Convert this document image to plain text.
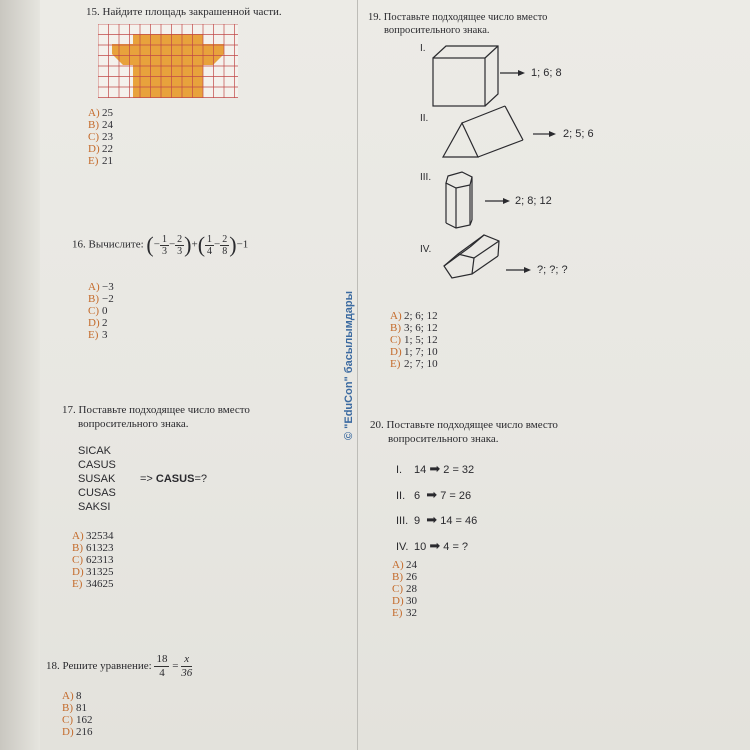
15. Найдите площадь закрашенной части.
A) 25
B) 24
C) 23
D) 22
E) 21
16. Вычислите: (− $\frac{1}{3} - \frac{2}{3}$ )+( $\frac{1}{4} - \frac{2}{8} )-1$
A) −3
B) −2
C) 0
D) 2
E) 3
17. Поставьте подходящее число вместо
вопросительного знака.
SICAK
CASUS
SUSAK
CUSAS
SAKSI
=> CASUS=?
A) 32534
B) 61323
C) 62313
D) 31325
E) 34625
18. Решите уравнение: $\frac{18}{4} = \frac{x}{36}$
A) 8
B) 81
C) 162
D) 216
© "EduCon" басылымдары
19. Поставьте подходящее число вместо
вопросительного знака.
I.
1; 6; 8
II.
2; 5; 6
III.
2; 8; 12
IV.
?; ?; ?
A) 2; 6; 12
B) 3; 6; 12
C) 1; 5; 12
D) 1; 7; 10
E) 2; 7; 10
20. Поставьте подходящее число вместо
вопросительного знака.
I. 14 ➡ 2 = 32
II. 6 ➡ 7 = 26
III. 9 ➡ 14 = 46
IV. 10 ➡ 4 = ?
A) 24
B) 26
C) 28
D) 30
E) 32
